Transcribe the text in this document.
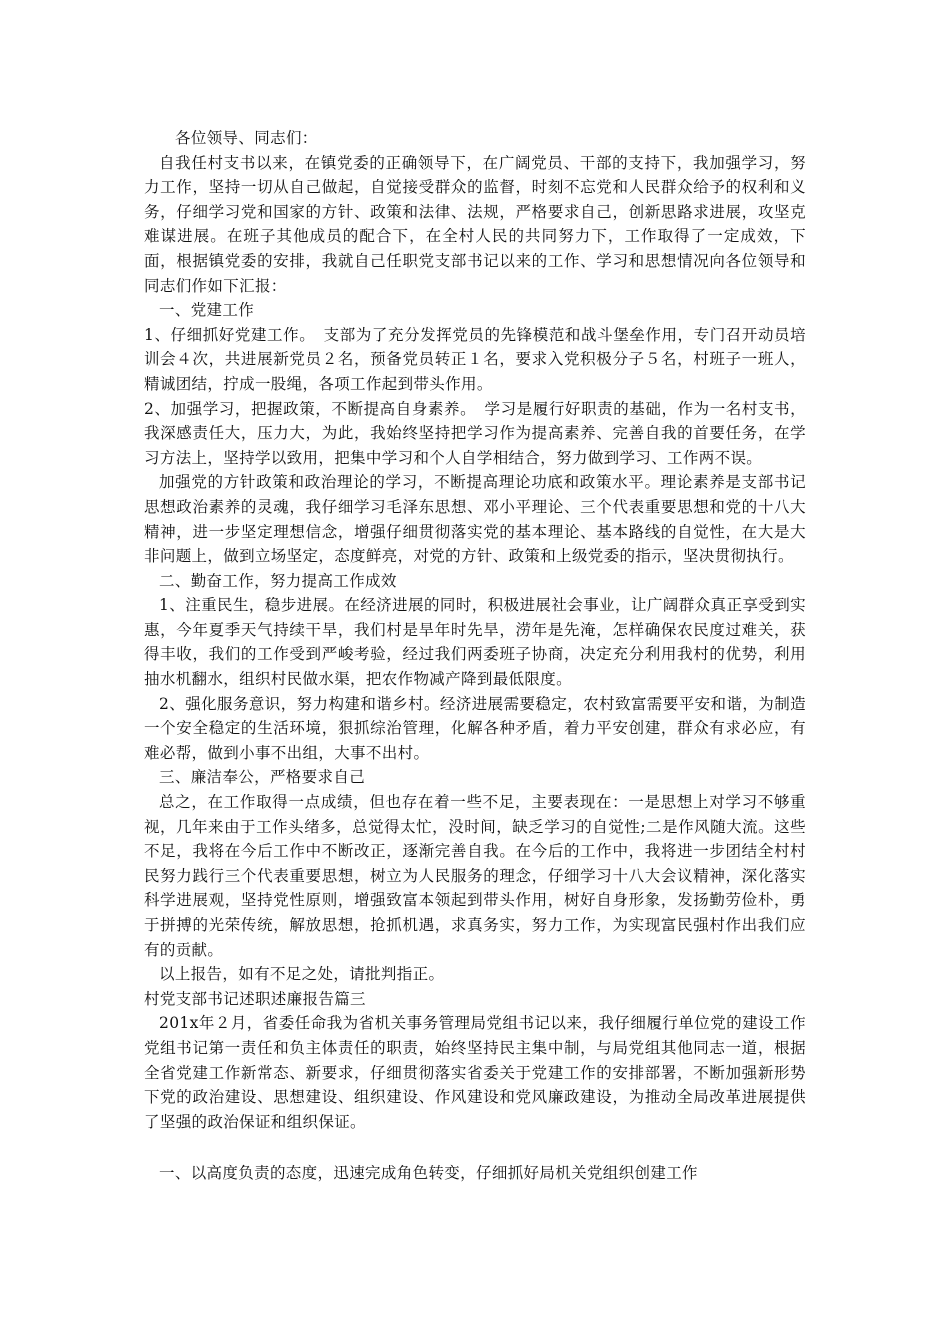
各位领导、同志们：

自我任村支书以来，在镇党委的正确领导下，在广阔党员、干部的支持下，我加强学习，努力工作，坚持一切从自己做起，自觉接受群众的监督，时刻不忘党和人民群众给予的权利和义务，仔细学习党和国家的方针、政策和法律、法规，严格要求自己，创新思路求进展，攻坚克难谋进展。在班子其他成员的配合下，在全村人民的共同努力下，工作取得了一定成效，下面，根据镇党委的安排，我就自己任职党支部书记以来的工作、学习和思想情况向各位领导和同志们作如下汇报：

一、党建工作

1、仔细抓好党建工作。　支部为了充分发挥党员的先锋模范和战斗堡垒作用，专门召开动员培训会４次，共进展新党员２名，预备党员转正１名，要求入党积极分子５名，村班子一班人，精诚团结，拧成一股绳，各项工作起到带头作用。

2、加强学习，把握政策，不断提高自身素养。　学习是履行好职责的基础，作为一名村支书，我深感责任大，压力大，为此，我始终坚持把学习作为提高素养、完善自我的首要任务，在学习方法上，坚持学以致用，把集中学习和个人自学相结合，努力做到学习、工作两不误。

加强党的方针政策和政治理论的学习，不断提高理论功底和政策水平。理论素养是支部书记思想政治素养的灵魂，我仔细学习毛泽东思想、邓小平理论、三个代表重要思想和党的十八大精神，进一步坚定理想信念，增强仔细贯彻落实党的基本理论、基本路线的自觉性，在大是大非问题上，做到立场坚定，态度鲜亮，对党的方针、政策和上级党委的指示，坚决贯彻执行。

二、勤奋工作，努力提高工作成效

1、注重民生，稳步进展。在经济进展的同时，积极进展社会事业，让广阔群众真正享受到实惠，今年夏季天气持续干旱，我们村是旱年时先旱，涝年是先淹，怎样确保农民度过难关，获得丰收，我们的工作受到严峻考验，经过我们两委班子协商，决定充分利用我村的优势，利用抽水机翻水，组织村民做水渠，把农作物减产降到最低限度。

2、强化服务意识，努力构建和谐乡村。经济进展需要稳定，农村致富需要平安和谐，为制造一个安全稳定的生活环境，狠抓综治管理，化解各种矛盾，着力平安创建，群众有求必应，有难必帮，做到小事不出组，大事不出村。

三、廉洁奉公，严格要求自己

总之，在工作取得一点成绩，但也存在着一些不足，主要表现在：一是思想上对学习不够重视，几年来由于工作头绪多，总觉得太忙，没时间，缺乏学习的自觉性;二是作风随大流。这些不足，我将在今后工作中不断改正，逐渐完善自我。在今后的工作中，我将进一步团结全村村民努力践行三个代表重要思想，树立为人民服务的理念，仔细学习十八大会议精神，深化落实科学进展观，坚持党性原则，增强致富本领起到带头作用，树好自身形象，发扬勤劳俭朴，勇于拼搏的光荣传统，解放思想，抢抓机遇，求真务实，努力工作，为实现富民强村作出我们应有的贡献。

以上报告，如有不足之处，请批判指正。

村党支部书记述职述廉报告篇三

201x年２月，省委任命我为省机关事务管理局党组书记以来，我仔细履行单位党的建设工作党组书记第一责任和负主体责任的职责，始终坚持民主集中制，与局党组其他同志一道，根据全省党建工作新常态、新要求，仔细贯彻落实省委关于党建工作的安排部署，不断加强新形势下党的政治建设、思想建设、组织建设、作风建设和党风廉政建设，为推动全局改革进展提供了坚强的政治保证和组织保证。

一、以高度负责的态度，迅速完成角色转变，仔细抓好局机关党组织创建工作
